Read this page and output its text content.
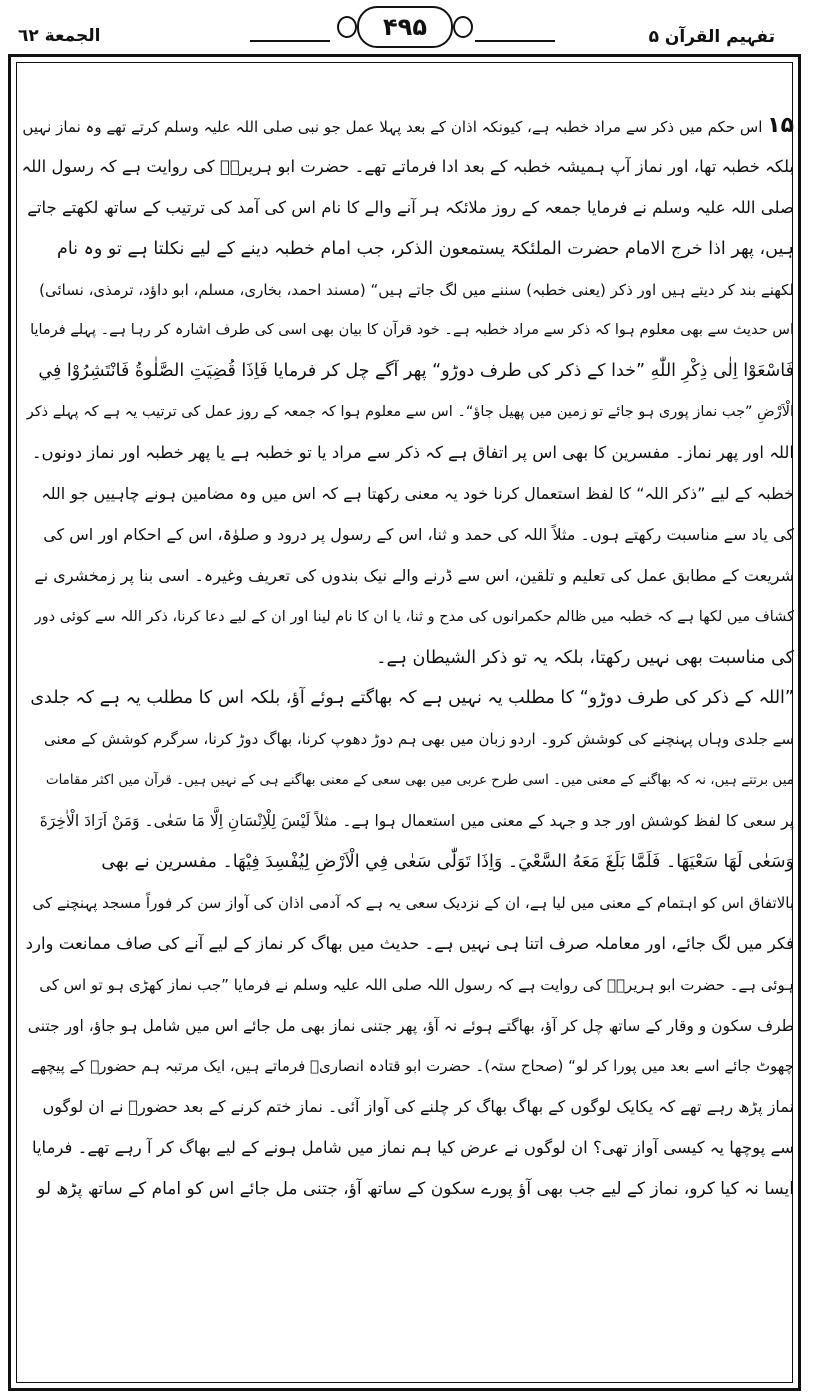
الجمعة ٦٢	۴۹۵	تفہیم القرآن ۵
۱۵ اس حکم میں ذکر سے مراد خطبہ ہے، کیونکہ اذان کے بعد پہلا عمل جو نبی صلی اللہ علیہ وسلم کرتے تھے وہ نماز نہیں
بلکہ خطبہ تھا، اور نماز آپ ہمیشہ خطبہ کے بعد ادا فرماتے تھے۔ حضرت ابو ہریرہؓ کی روایت ہے کہ رسول اللہ
صلی اللہ علیہ وسلم نے فرمایا جمعہ کے روز ملائکہ ہر آنے والے کا نام اس کی آمد کی ترتیب کے ساتھ لکھتے جاتے
ہیں، پھر اذا خرج الامام حضرت الملئکۃ یستمعون الذکر، جب امام خطبہ دینے کے لیے نکلتا ہے تو وہ نام
لکھنے بند کر دیتے ہیں اور ذکر (یعنی خطبہ) سننے میں لگ جاتے ہیں“ (مسند احمد، بخاری، مسلم، ابو داؤد، ترمذی، نسائی)
اس حدیث سے بھی معلوم ہوا کہ ذکر سے مراد خطبہ ہے۔ خود قرآن کا بیان بھی اسی کی طرف اشارہ کر رہا ہے۔ پہلے فرمایا
فَاسْعَوْا اِلٰى ذِكْرِ اللّٰهِ ”خدا کے ذکر کی طرف دوڑو“ پھر آگے چل کر فرمایا فَاِذَا قُضِيَتِ الصَّلٰوةُ فَانْتَشِرُوْا فِي
الْاَرْضِ ”جب نماز پوری ہو جائے تو زمین میں پھیل جاؤ“۔ اس سے معلوم ہوا کہ جمعہ کے روز عمل کی ترتیب یہ ہے کہ پہلے ذکر
اللہ اور پھر نماز۔ مفسرین کا بھی اس پر اتفاق ہے کہ ذکر سے مراد یا تو خطبہ ہے یا پھر خطبہ اور نماز دونوں۔
خطبہ کے لیے ”ذکر اللہ“ کا لفظ استعمال کرنا خود یہ معنی رکھتا ہے کہ اس میں وہ مضامین ہونے چاہییں جو اللہ
کی یاد سے مناسبت رکھتے ہوں۔ مثلاً اللہ کی حمد و ثنا، اس کے رسول پر درود و صلوٰۃ، اس کے احکام اور اس کی
شریعت کے مطابق عمل کی تعلیم و تلقین، اس سے ڈرنے والے نیک بندوں کی تعریف وغیرہ۔ اسی بنا پر زمخشری نے
کشاف میں لکھا ہے کہ خطبہ میں ظالم حکمرانوں کی مدح و ثنا، یا ان کا نام لینا اور ان کے لیے دعا کرنا، ذکر اللہ سے کوئی دور
کی مناسبت بھی نہیں رکھتا، بلکہ یہ تو ذکر الشیطان ہے۔
”اللہ کے ذکر کی طرف دوڑو“ کا مطلب یہ نہیں ہے کہ بھاگتے ہوئے آؤ، بلکہ اس کا مطلب یہ ہے کہ جلدی
سے جلدی وہاں پہنچنے کی کوشش کرو۔ اردو زبان میں بھی ہم دوڑ دھوپ کرنا، بھاگ دوڑ کرنا، سرگرم کوشش کے معنی
میں برتتے ہیں، نہ کہ بھاگنے کے معنی میں۔ اسی طرح عربی میں بھی سعی کے معنی بھاگنے ہی کے نہیں ہیں۔ قرآن میں اکثر مقامات
پر سعی کا لفظ کوشش اور جد و جہد کے معنی میں استعمال ہوا ہے۔ مثلاً لَيْسَ لِلْاِنْسَانِ اِلَّا مَا سَعٰى۔ وَمَنْ اَرَادَ الْاٰخِرَةَ
وَسَعٰى لَهَا سَعْيَهَا۔ فَلَمَّا بَلَغَ مَعَهُ السَّعْيَ۔ وَاِذَا تَوَلّٰى سَعٰى فِي الْاَرْضِ لِيُفْسِدَ فِيْهَا۔ مفسرین نے بھی
بالاتفاق اس کو اہتمام کے معنی میں لیا ہے، ان کے نزدیک سعی یہ ہے کہ آدمی اذان کی آواز سن کر فوراً مسجد پہنچنے کی
فکر میں لگ جائے، اور معاملہ صرف اتنا ہی نہیں ہے۔ حدیث میں بھاگ کر نماز کے لیے آنے کی صاف ممانعت وارد
ہوئی ہے۔ حضرت ابو ہریرہؓ کی روایت ہے کہ رسول اللہ صلی اللہ علیہ وسلم نے فرمایا ”جب نماز کھڑی ہو تو اس کی
طرف سکون و وقار کے ساتھ چل کر آؤ، بھاگتے ہوئے نہ آؤ، پھر جتنی نماز بھی مل جائے اس میں شامل ہو جاؤ، اور جتنی
چھوٹ جائے اسے بعد میں پورا کر لو“ (صحاح ستہ)۔ حضرت ابو قتادہ انصاریؓ فرماتے ہیں، ایک مرتبہ ہم حضورؐ کے پیچھے
نماز پڑھ رہے تھے کہ یکایک لوگوں کے بھاگ بھاگ کر چلنے کی آواز آئی۔ نماز ختم کرنے کے بعد حضورؐ نے ان لوگوں
سے پوچھا یہ کیسی آواز تھی؟ ان لوگوں نے عرض کیا ہم نماز میں شامل ہونے کے لیے بھاگ کر آ رہے تھے۔ فرمایا
ایسا نہ کیا کرو، نماز کے لیے جب بھی آؤ پورے سکون کے ساتھ آؤ، جتنی مل جائے اس کو امام کے ساتھ پڑھ لو
